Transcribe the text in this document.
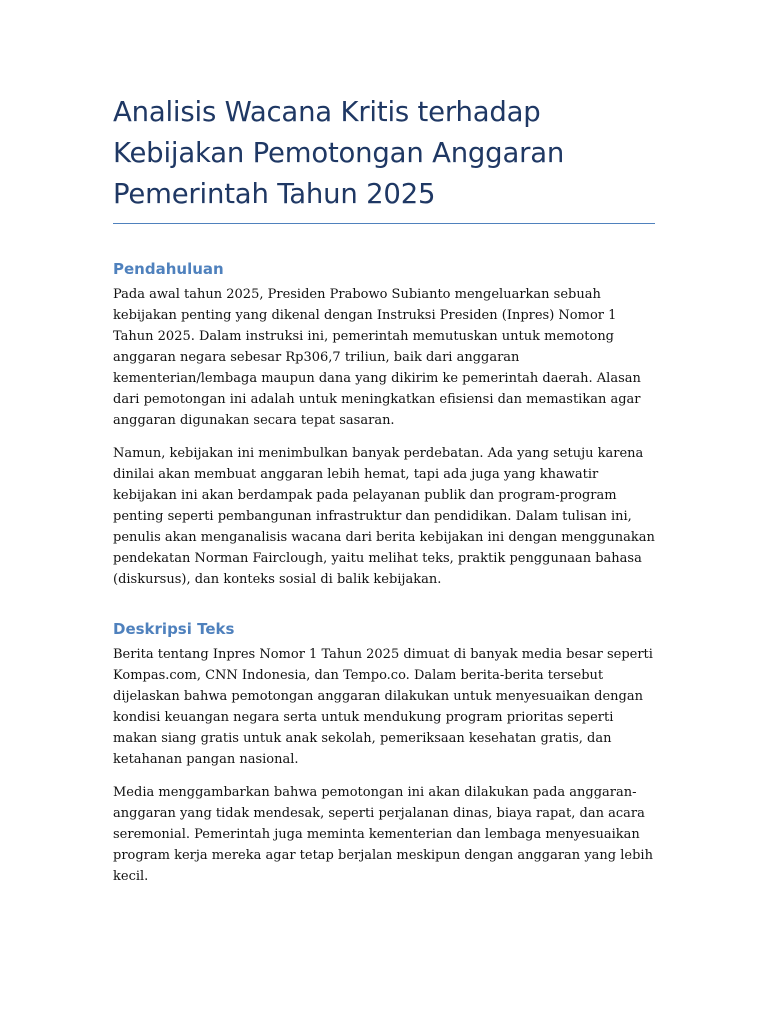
Analisis Wacana Kritis terhadap Kebijakan Pemotongan Anggaran Pemerintah Tahun 2025
Pendahuluan

Pada awal tahun 2025, Presiden Prabowo Subianto mengeluarkan sebuah kebijakan penting yang dikenal dengan Instruksi Presiden (Inpres) Nomor 1 Tahun 2025. Dalam instruksi ini, pemerintah memutuskan untuk memotong anggaran negara sebesar Rp306,7 triliun, baik dari anggaran kementerian/lembaga maupun dana yang dikirim ke pemerintah daerah. Alasan dari pemotongan ini adalah untuk meningkatkan efisiensi dan memastikan agar anggaran digunakan secara tepat sasaran.

Namun, kebijakan ini menimbulkan banyak perdebatan. Ada yang setuju karena dinilai akan membuat anggaran lebih hemat, tapi ada juga yang khawatir kebijakan ini akan berdampak pada pelayanan publik dan program-program penting seperti pembangunan infrastruktur dan pendidikan. Dalam tulisan ini, penulis akan menganalisis wacana dari berita kebijakan ini dengan menggunakan pendekatan Norman Fairclough, yaitu melihat teks, praktik penggunaan bahasa (diskursus), dan konteks sosial di balik kebijakan.

Deskripsi Teks

Berita tentang Inpres Nomor 1 Tahun 2025 dimuat di banyak media besar seperti Kompas.com, CNN Indonesia, dan Tempo.co. Dalam berita-berita tersebut dijelaskan bahwa pemotongan anggaran dilakukan untuk menyesuaikan dengan kondisi keuangan negara serta untuk mendukung program prioritas seperti makan siang gratis untuk anak sekolah, pemeriksaan kesehatan gratis, dan ketahanan pangan nasional.

Media menggambarkan bahwa pemotongan ini akan dilakukan pada anggaran-anggaran yang tidak mendesak, seperti perjalanan dinas, biaya rapat, dan acara seremonial. Pemerintah juga meminta kementerian dan lembaga menyesuaikan program kerja mereka agar tetap berjalan meskipun dengan anggaran yang lebih kecil.
